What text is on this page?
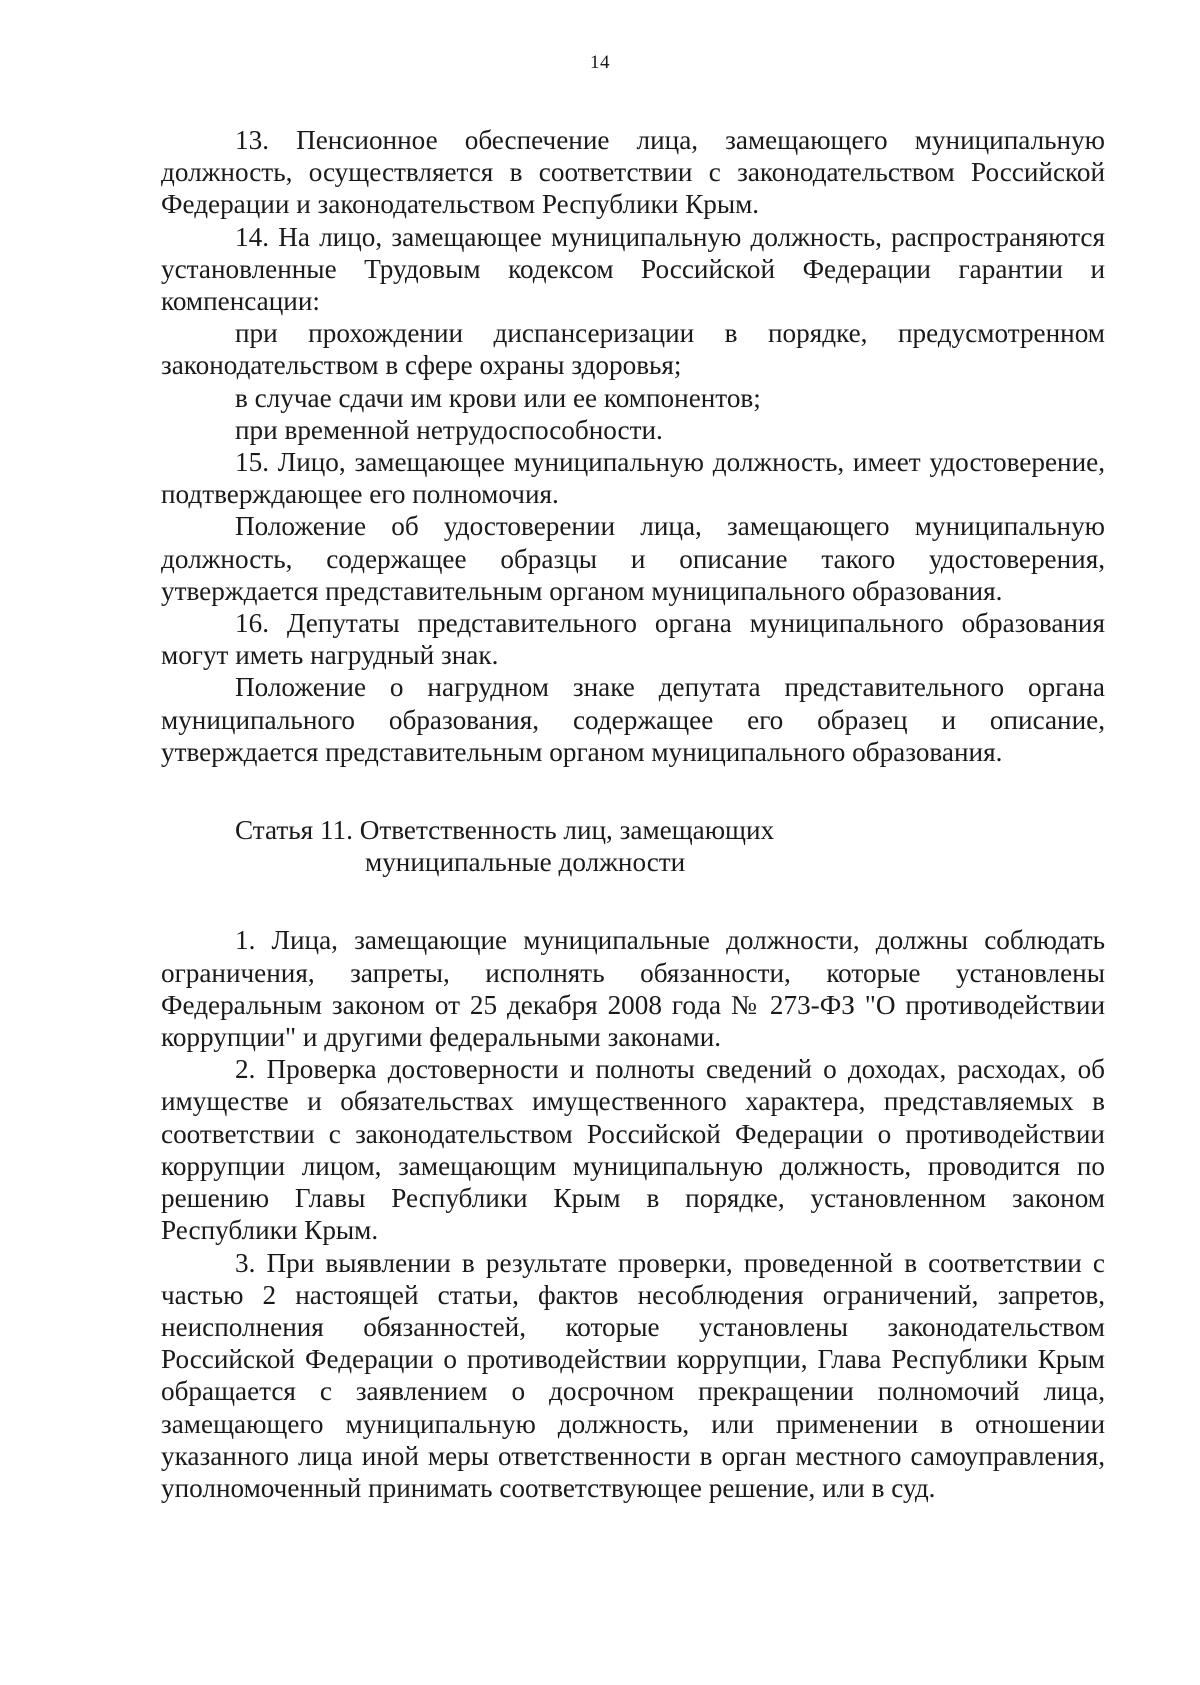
14

13. Пенсионное обеспечение лица, замещающего муниципальную должность, осуществляется в соответствии с законодательством Российской Федерации и законодательством Республики Крым.

14. На лицо, замещающее муниципальную должность, распространяются установленные Трудовым кодексом Российской Федерации гарантии и компенсации:

при прохождении диспансеризации в порядке, предусмотренном законодательством в сфере охраны здоровья;

в случае сдачи им крови или ее компонентов;

при временной нетрудоспособности.

15. Лицо, замещающее муниципальную должность, имеет удостоверение, подтверждающее его полномочия.

Положение об удостоверении лица, замещающего муниципальную должность, содержащее образцы и описание такого удостоверения, утверждается представительным органом муниципального образования.

16. Депутаты представительного органа муниципального образования могут иметь нагрудный знак.

Положение о нагрудном знаке депутата представительного органа муниципального образования, содержащее его образец и описание, утверждается представительным органом муниципального образования.

Статья 11. Ответственность лиц, замещающих
муниципальные должности

1. Лица, замещающие муниципальные должности, должны соблюдать ограничения, запреты, исполнять обязанности, которые установлены Федеральным законом от 25 декабря 2008 года № 273-ФЗ "О противодействии коррупции" и другими федеральными законами.

2. Проверка достоверности и полноты сведений о доходах, расходах, об имуществе и обязательствах имущественного характера, представляемых в соответствии с законодательством Российской Федерации о противодействии коррупции лицом, замещающим муниципальную должность, проводится по решению Главы Республики Крым в порядке, установленном законом Республики Крым.

3. При выявлении в результате проверки, проведенной в соответствии с частью 2 настоящей статьи, фактов несоблюдения ограничений, запретов, неисполнения обязанностей, которые установлены законодательством Российской Федерации о противодействии коррупции, Глава Республики Крым обращается с заявлением о досрочном прекращении полномочий лица, замещающего муниципальную должность, или применении в отношении указанного лица иной меры ответственности в орган местного самоуправления, уполномоченный принимать соответствующее решение, или в суд.
